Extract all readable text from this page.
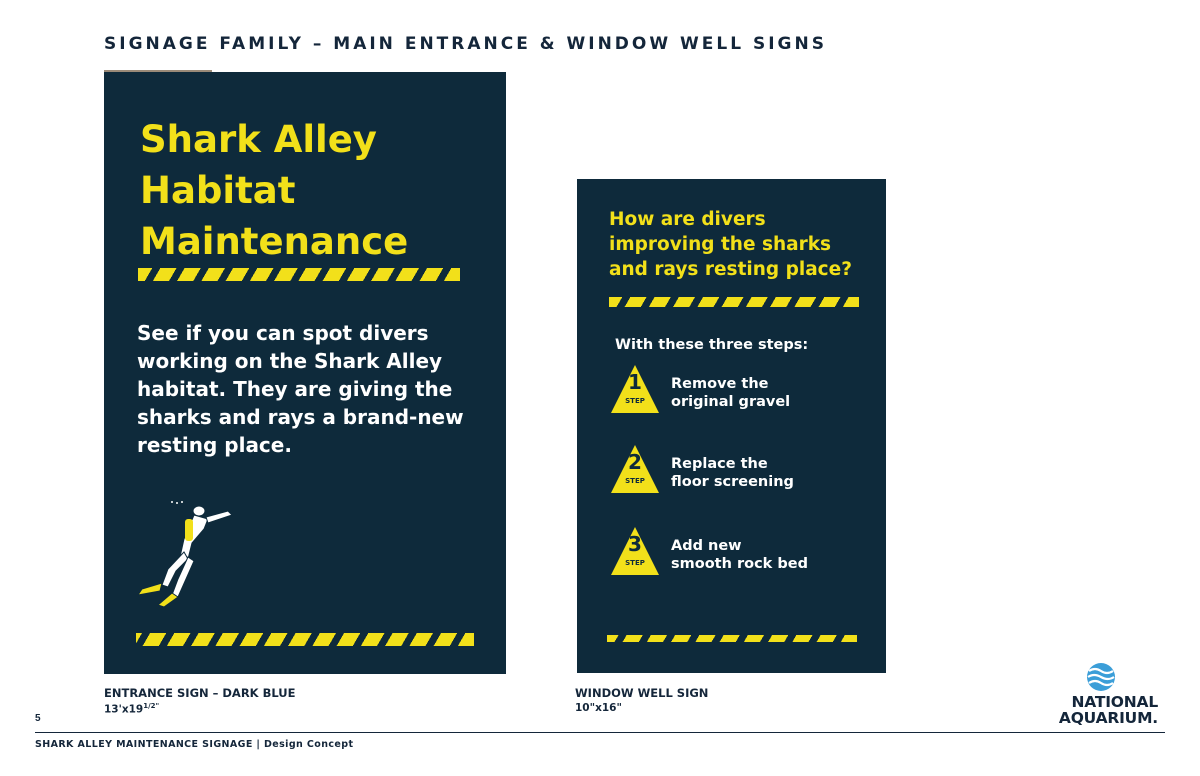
SIGNAGE FAMILY – MAIN ENTRANCE & WINDOW WELL SIGNS
Shark Alley
Habitat
Maintenance
See if you can spot divers working on the Shark Alley habitat. They are giving the sharks and rays a brand-new resting place.
ENTRANCE SIGN – DARK BLUE
$13'x19^{1/2"}$
How are divers improving the sharks and rays resting place?
With these three steps:
1
STEP
Remove the
original gravel
2
STEP
Replace the
floor screening
3
STEP
Add new
smooth rock bed
WINDOW WELL SIGN
10"x16"
5
SHARK ALLEY MAINTENANCE SIGNAGE | Design Concept
NATIONAL
AQUARIUM.
